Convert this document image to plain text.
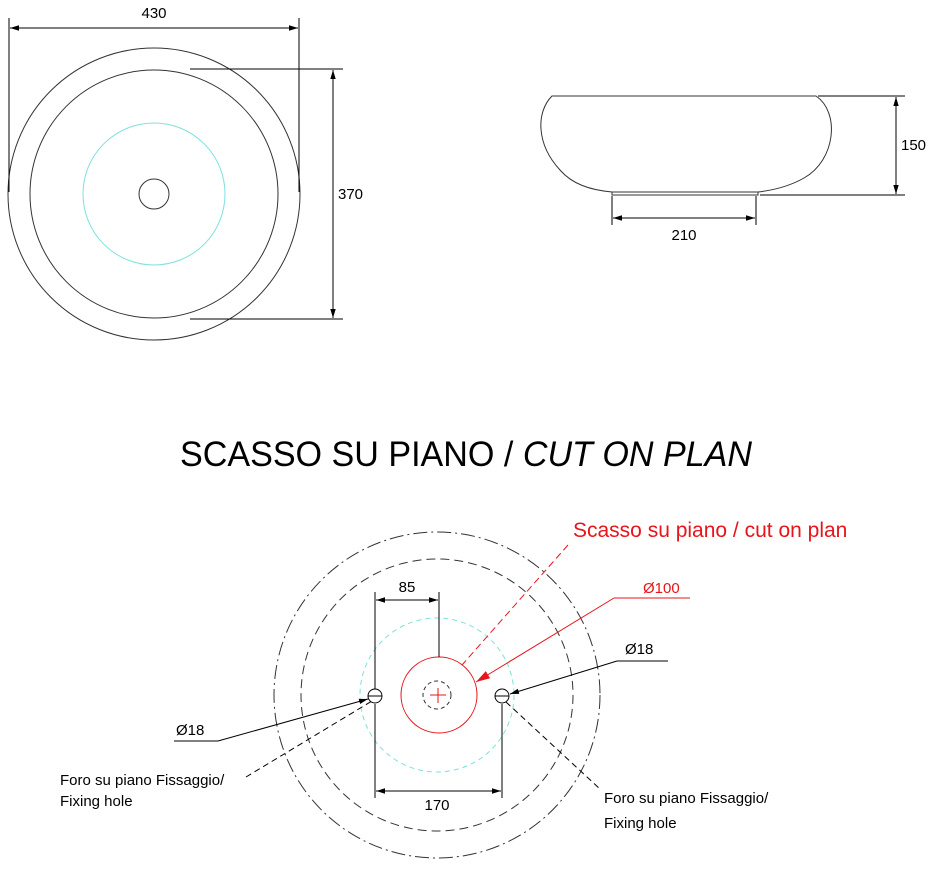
430
370
150
210
SCASSO SU PIANO / CUT ON PLAN
85
170
Scasso su piano / cut on plan
Ø100
Ø18
Foro su piano Fissaggio/
Fixing hole
Ø18
Foro su piano Fissaggio/
Fixing hole
